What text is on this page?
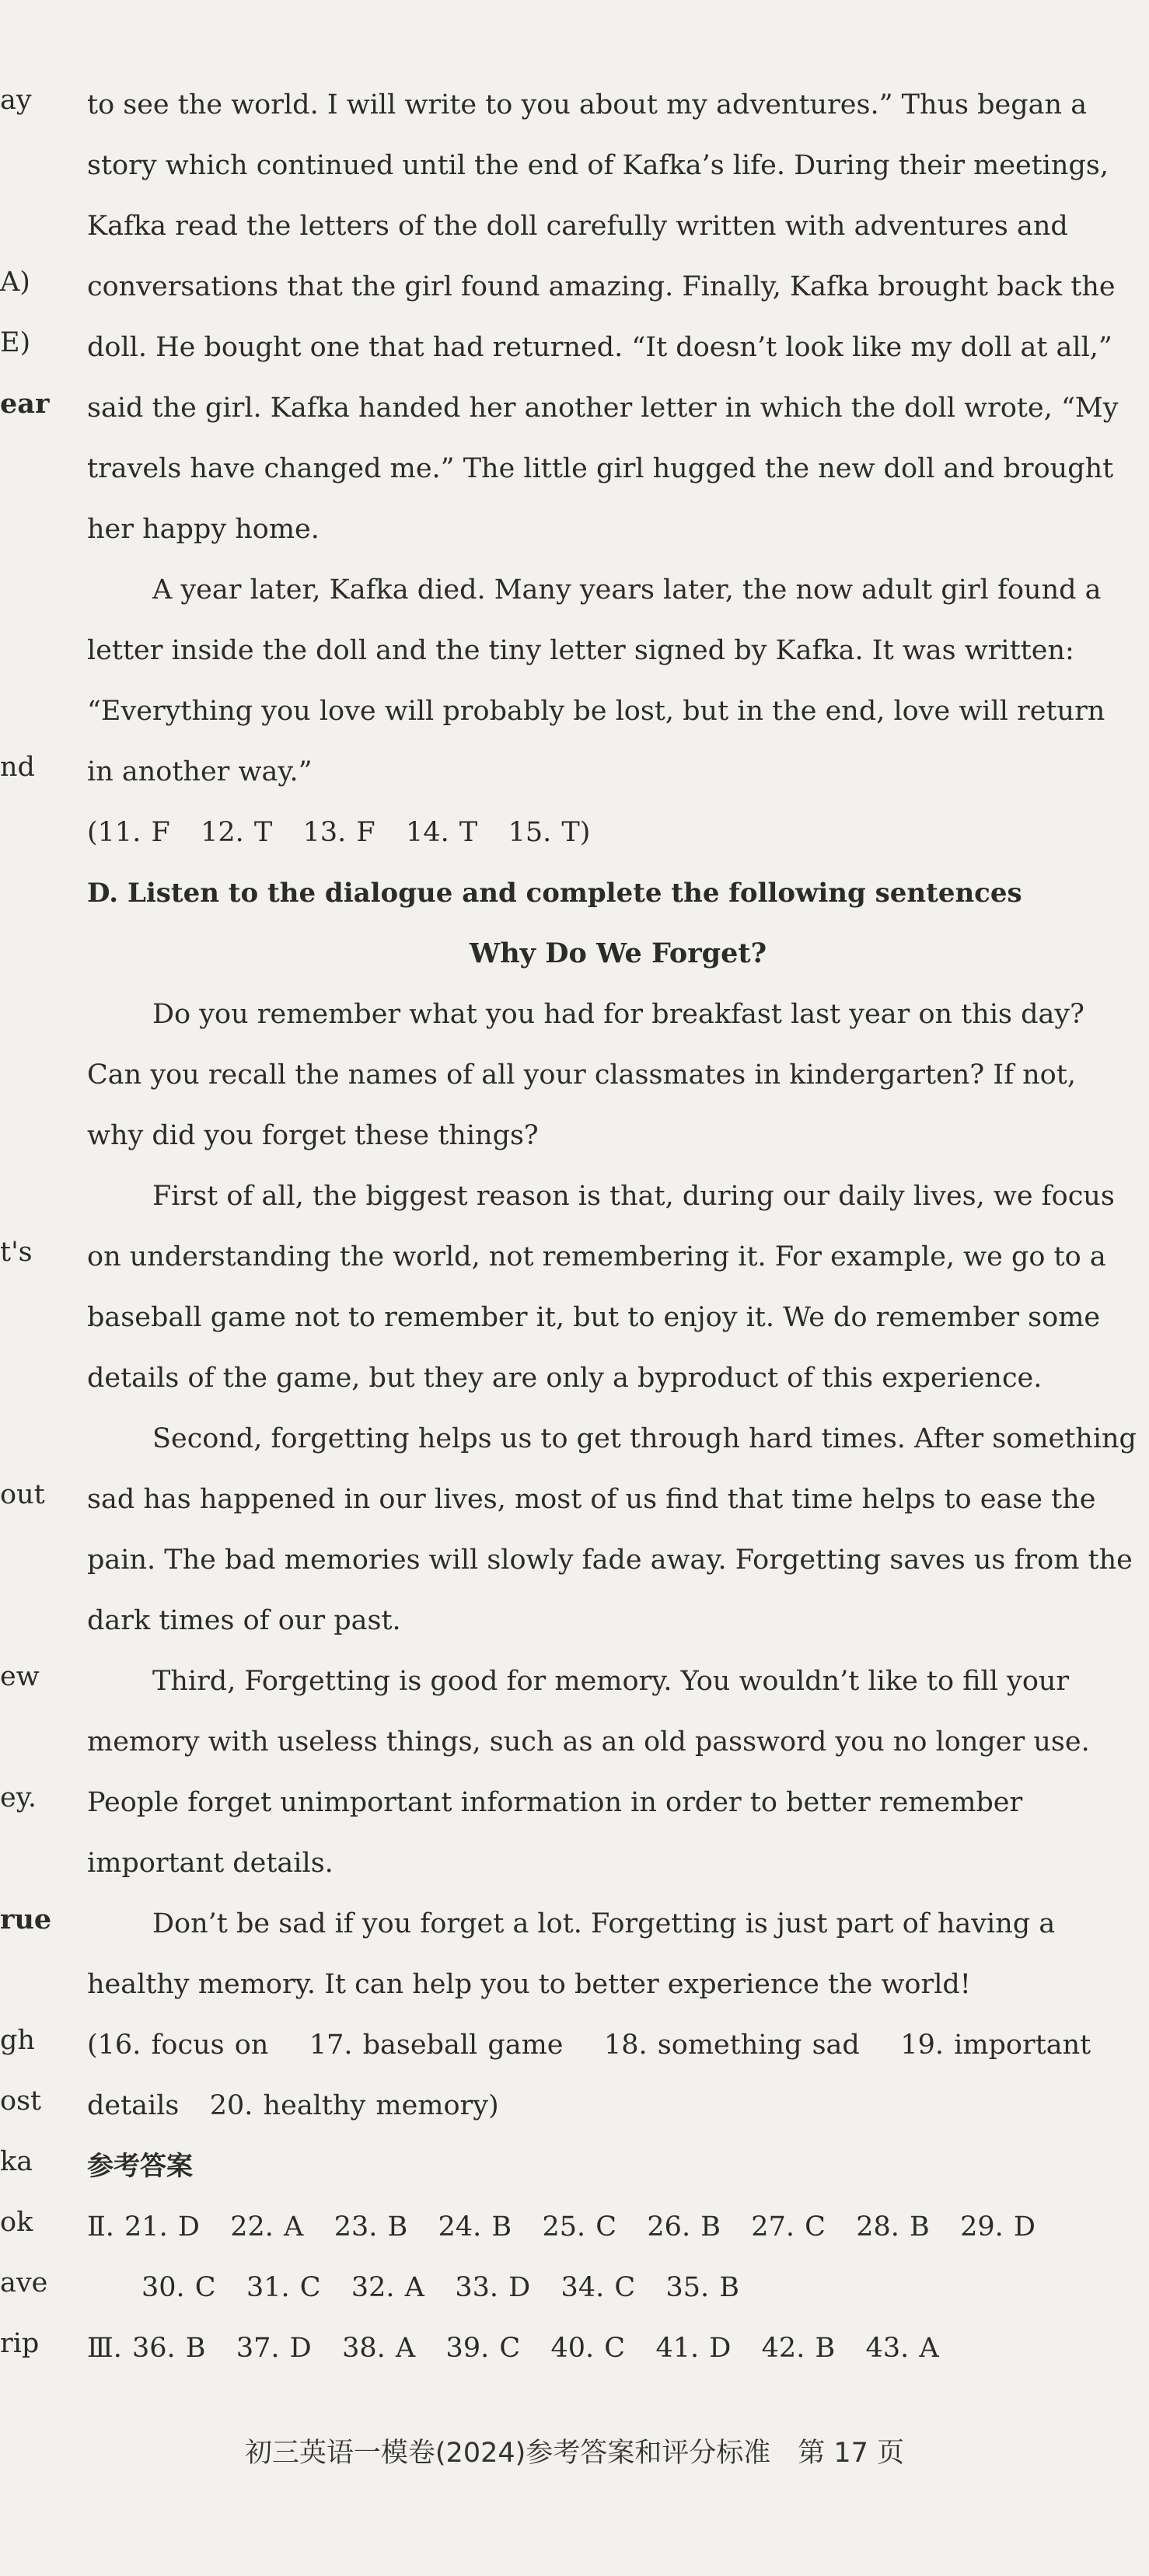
ay

A)

E)

ear

nd

t's

out

ew

ey.

rue

gh

ost

ka

ok

ave

rip

to see the world. I will write to you about my adventures.” Thus began a

story which continued until the end of Kafka’s life. During their meetings,

Kafka read the letters of the doll carefully written with adventures and

conversations that the girl found amazing. Finally, Kafka brought back the

doll. He bought one that had returned. “It doesn’t look like my doll at all,”

said the girl. Kafka handed her another letter in which the doll wrote, “My

travels have changed me.” The little girl hugged the new doll and brought

her happy home.

A year later, Kafka died. Many years later, the now adult girl found a

letter inside the doll and the tiny letter signed by Kafka. It was written:

“Everything you love will probably be lost, but in the end, love will return

in another way.”

(11. F   12. T   13. F   14. T   15. T)

D. Listen to the dialogue and complete the following sentences

Why Do We Forget?

Do you remember what you had for breakfast last year on this day?

Can you recall the names of all your classmates in kindergarten? If not,

why did you forget these things?

First of all, the biggest reason is that, during our daily lives, we focus

on understanding the world, not remembering it. For example, we go to a

baseball game not to remember it, but to enjoy it. We do remember some

details of the game, but they are only a byproduct of this experience.

Second, forgetting helps us to get through hard times. After something

sad has happened in our lives, most of us find that time helps to ease the

pain. The bad memories will slowly fade away. Forgetting saves us from the

dark times of our past.

Third, Forgetting is good for memory. You wouldn’t like to fill your

memory with useless things, such as an old password you no longer use.

People forget unimportant information in order to better remember

important details.

Don’t be sad if you forget a lot. Forgetting is just part of having a

healthy memory. It can help you to better experience the world!

(16. focus on    17. baseball game    18. something sad    19. important

details   20. healthy memory)

参考答案

Ⅱ. 21. D   22. A   23. B   24. B   25. C   26. B   27. C   28. B   29. D

30. C   31. C   32. A   33. D   34. C   35. B

Ⅲ. 36. B   37. D   38. A   39. C   40. C   41. D   42. B   43. A

初三英语一模卷(2024)参考答案和评分标准　第 17 页
